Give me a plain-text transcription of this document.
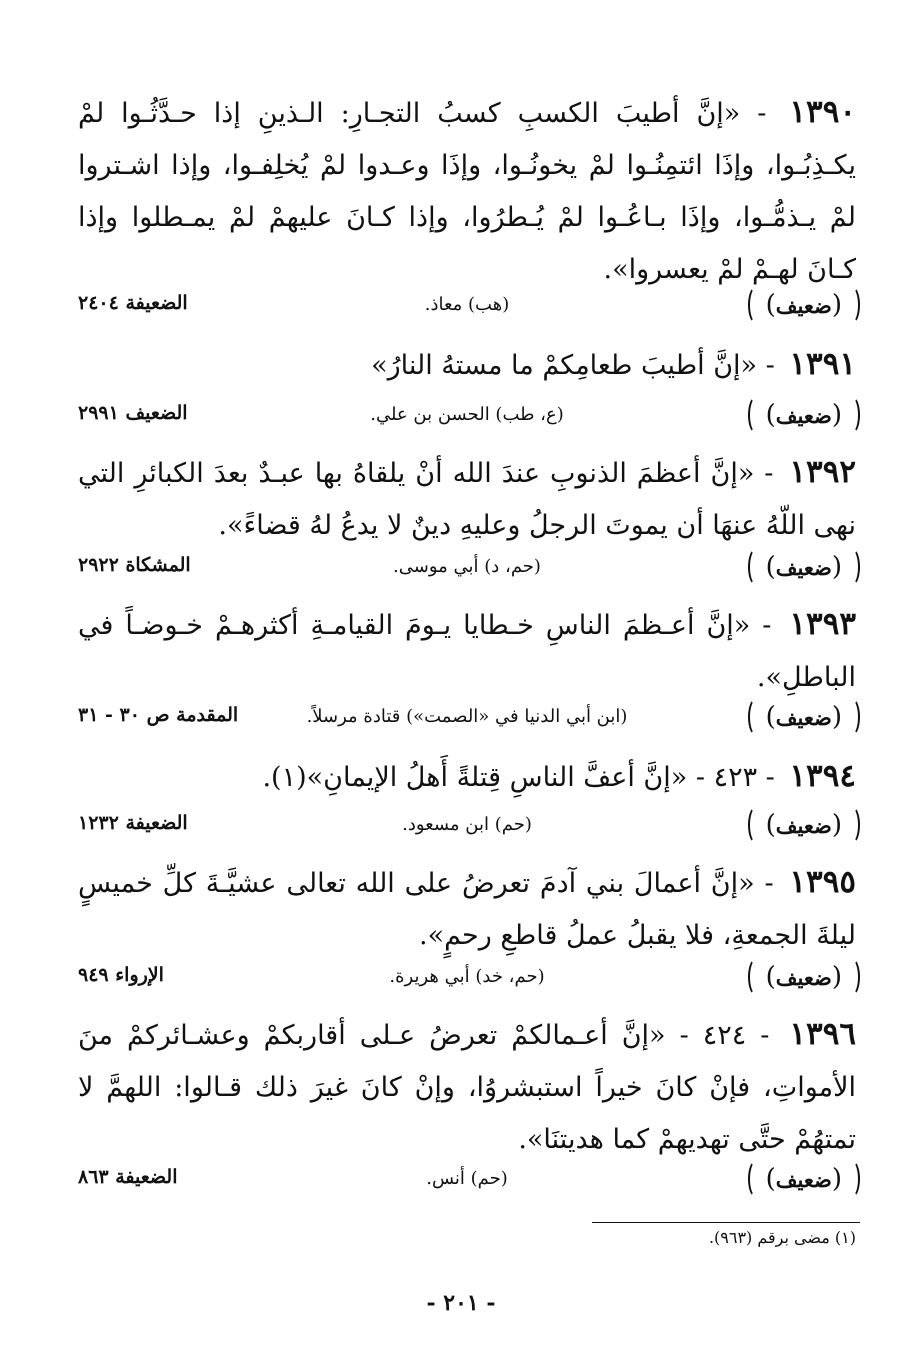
١٣٩٠ - «إنَّ أطيبَ الكسبِ كسبُ التجـارِ: الـذينِ إذا حـدَّثُـوا لمْ يكـذِبُـوا، وإذَا ائتمِنُـوا لمْ يخونُـوا، وإذَا وعـدوا لمْ يُخلِفـوا، وإذا اشـتروا لمْ يـذمُّـوا، وإذَا بـاعُـوا لمْ يُـطرُوا، وإذا كـانَ عليهمْ لمْ يمـطلوا وإذا كـانَ لهـمْ لمْ يعسروا».
(ضعيف)
(هب) معاذ.
الضعيفة ٢٤٠٤
١٣٩١ - «إنَّ أطيبَ طعامِكمْ ما مستهُ النارُ»
(ضعيف)
(ع، طب) الحسن بن علي.
الضعيف ٢٩٩١
١٣٩٢ - «إنَّ أعظمَ الذنوبِ عندَ الله أنْ يلقاهُ بها عبـدٌ بعدَ الكبائرِ التي نهى اللّهُ عنهَا أن يموتَ الرجلُ وعليهِ دينٌ لا يدعُ لهُ قضاءً».
(ضعيف)
(حم، د) أبي موسى.
المشكاة ٢٩٢٢
١٣٩٣ - «إنَّ أعـظمَ الناسِ خـطايا يـومَ القيامـةِ أكثرهـمْ خـوضـاً في الباطلِ».
(ضعيف)
(ابن أبي الدنيا في «الصمت») قتادة مرسلاً.
المقدمة ص ٣٠ - ٣١
١٣٩٤ - ٤٢٣ - «إنَّ أعفَّ الناسِ قِتلةً أَهلُ الإيمانِ»(١).
(ضعيف)
(حم) ابن مسعود.
الضعيفة ١٢٣٢
١٣٩٥ - «إنَّ أعمالَ بني آدمَ تعرضُ على الله تعالى عشيَّـةَ كلِّ خميسٍ ليلةَ الجمعةِ، فلا يقبلُ عملُ قاطعِ رحمٍ».
(ضعيف)
(حم، خد) أبي هريرة.
الإرواء ٩٤٩
١٣٩٦ - ٤٢٤ - «إنَّ أعـمالكمْ تعرضُ عـلى أقاربكمْ وعشـائركمْ منَ الأمواتِ، فإنْ كانَ خيراً استبشروُا، وإنْ كانَ غيرَ ذلك قـالوا: اللهمَّ لا تمتهُمْ حتَّى تهديهمْ كما هديتنَا».
(ضعيف)
(حم) أنس.
الضعيفة ٨٦٣
(١) مضى برقم (٩٦٣).
- ٢٠١ -
